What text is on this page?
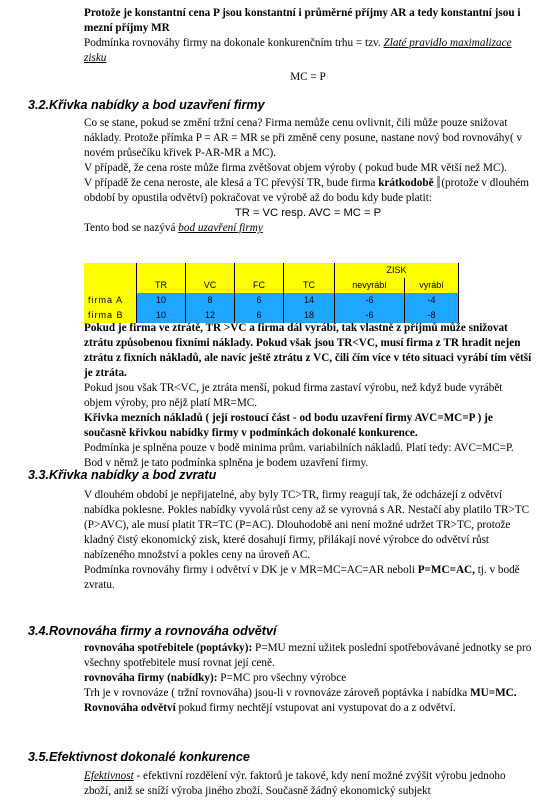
Protože je konstantní cena P jsou konstantní i průměrné příjmy AR a tedy konstantní jsou i mezní příjmy MR

Podmínka rovnováhy firmy na dokonale konkurenčním trhu = tzv. Zlaté pravidlo maximalizace zisku

MC = P

3.2.Křivka nabídky a bod uzavření firmy

Co se stane, pokud se změní tržní cena? Firma nemůže cenu ovlivnit, čili může pouze snižovat náklady. Protože přímka P = AR = MR se při změně ceny posune, nastane nový bod rovnováhy( v novém průsečíku křivek P-AR-MR a MC).

V případě, že cena roste může firma zvětšovat objem výroby ( pokud bude MR větší než MC).

V případě že cena neroste, ale klesá a TC převýší TR, bude firma krátkodobě (protože v dlouhém období by opustila odvětví) pokračovat ve výrobě až do bodu kdy bude platit:

TR = VC resp. AVC = MC = P

Tento bod se nazývá bod uzavření firmy

					ZISK	
	TR	VC	FC	TC	nevyrábí	vyrábí
firma A	10	8	6	14	-6	-4
firma B	10	12	6	18	-6	-8

Pokud je firma ve ztrátě, TR >VC a firma dál vyrábí, tak vlastně z příjmů může snižovat ztrátu způsobenou fixními náklady. Pokud však jsou TR<VC, musí firma z TR hradit nejen ztrátu z fixních nákladů, ale navíc ještě ztrátu z VC, čili čím více v této situaci vyrábí tím větší je ztráta.

Pokud jsou však TR<VC, je ztráta menší, pokud firma zastaví výrobu, než když bude vyrábět objem výroby, pro nějž platí MR=MC.

Křivka mezních nákladů ( její rostoucí část - od bodu uzavření firmy AVC=MC=P ) je současně křivkou nabídky firmy v podmínkách dokonalé konkurence.

Podmínka je splněna pouze v bodě minima prům. variabilních nákladů. Platí tedy: AVC=MC=P. Bod v němž je tato podmínka splněna je bodem uzavření firmy.

3.3.Křivka nabídky a bod zvratu

V dlouhém období je nepřijatelné, aby byly TC>TR, firmy reagují tak, že odcházejí z odvětví nabídka poklesne. Pokles nabídky vyvolá růst ceny až se vyrovná s AR. Nestačí aby platilo TR>TC (P>AVC), ale musí platit TR=TC (P=AC). Dlouhodobě ani není možné udržet TR>TC, protože kladný čistý ekonomický zisk, které dosahují firmy, přilákají nové výrobce do odvětví růst nabízeného množství a pokles ceny na úroveň AC.

Podmínka rovnováhy firmy i odvětví v DK je v MR=MC=AC=AR neboli P=MC=AC, tj. v bodě zvratu.

3.4.Rovnováha firmy a rovnováha odvětví

rovnováha spotřebitele (poptávky): P=MU mezní užitek poslední spotřebovávané jednotky se pro všechny spotřebitele musí rovnat její ceně.

rovnováha firmy (nabídky): P=MC pro všechny výrobce

Trh je v rovnováze ( tržní rovnováha) jsou-li v rovnováze zároveň poptávka i nabídka MU=MC.

Rovnováha odvětví pokud firmy nechtějí vstupovat ani vystupovat do a z odvětví.

3.5.Efektivnost dokonalé konkurence

Efektivnost - efektivní rozdělení výr. faktorů je takové, kdy není možné zvýšit výrobu jednoho zboží, aniž se sníží výroba jiného zboží. Současně žádný ekonomický subjekt
